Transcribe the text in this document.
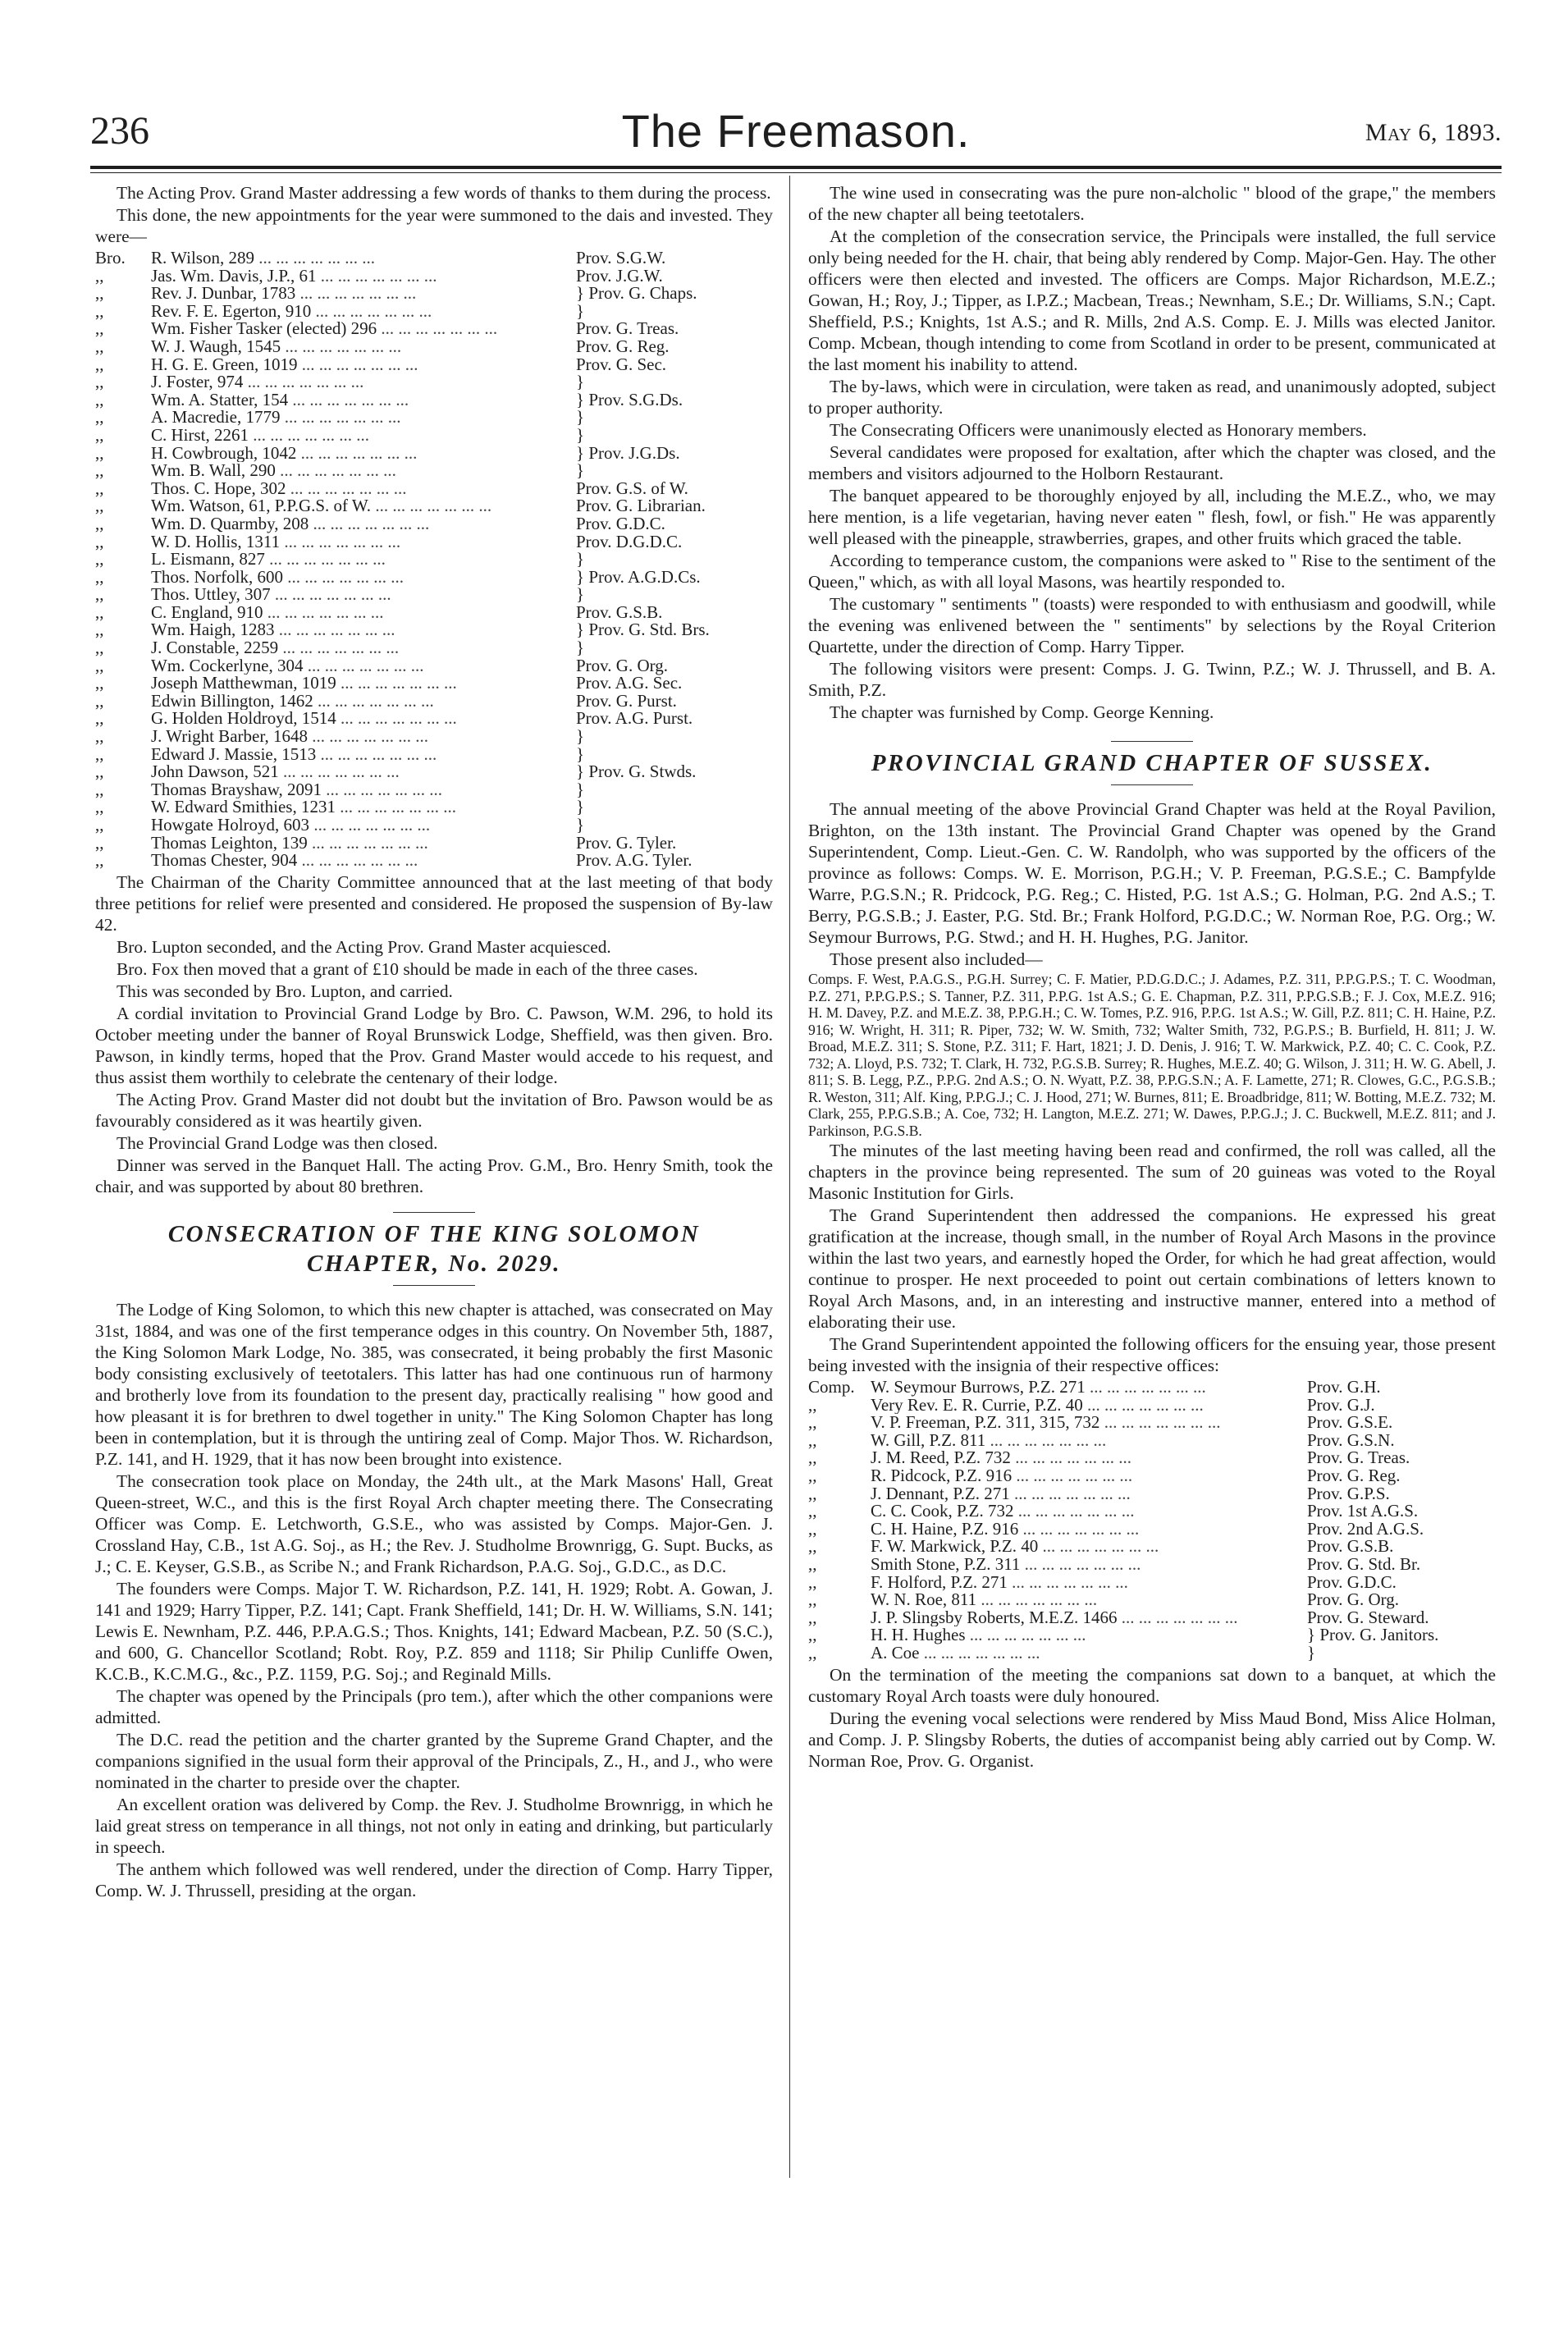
236	The Freemason.	May 6, 1893.

The Acting Prov. Grand Master addressing a few words of thanks to them during the process.

This done, the new appointments for the year were summoned to the dais and invested. They were—

Bro.	R. Wilson, 289 ...	Prov. S.G.W.
,,	Jas. Wm. Davis, J.P., 61 ...	Prov. J.G.W.
,,	Rev. J. Dunbar, 1783 ...	} Prov. G. Chaps.
,,	Rev. F. E. Egerton, 910 ...	}
,,	Wm. Fisher Tasker (elected) 296 ...	Prov. G. Treas.
,,	W. J. Waugh, 1545 ...	Prov. G. Reg.
,,	H. G. E. Green, 1019 ...	Prov. G. Sec.
,,	J. Foster, 974 ...	}
,,	Wm. A. Statter, 154 ...	} Prov. S.G.Ds.
,,	A. Macredie, 1779 ...	}
,,	C. Hirst, 2261 ...	}
,,	H. Cowbrough, 1042 ...	} Prov. J.G.Ds.
,,	Wm. B. Wall, 290 ...	}
,,	Thos. C. Hope, 302 ...	Prov. G.S. of W.
,,	Wm. Watson, 61, P.P.G.S. of W. ...	Prov. G. Librarian.
,,	Wm. D. Quarmby, 208 ...	Prov. G.D.C.
,,	W. D. Hollis, 1311 ...	Prov. D.G.D.C.
,,	L. Eismann, 827 ...	}
,,	Thos. Norfolk, 600 ...	} Prov. A.G.D.Cs.
,,	Thos. Uttley, 307 ...	}
,,	C. England, 910 ...	Prov. G.S.B.
,,	Wm. Haigh, 1283 ...	} Prov. G. Std. Brs.
,,	J. Constable, 2259 ...	}
,,	Wm. Cockerlyne, 304 ...	Prov. G. Org.
,,	Joseph Matthewman, 1019 ...	Prov. A.G. Sec.
,,	Edwin Billington, 1462 ...	Prov. G. Purst.
,,	G. Holden Holdroyd, 1514 ...	Prov. A.G. Purst.
,,	J. Wright Barber, 1648 ...	}
,,	Edward J. Massie, 1513 ...	}
,,	John Dawson, 521 ...	} Prov. G. Stwds.
,,	Thomas Brayshaw, 2091 ...	}
,,	W. Edward Smithies, 1231 ...	}
,,	Howgate Holroyd, 603 ...	}
,,	Thomas Leighton, 139 ...	Prov. G. Tyler.
,,	Thomas Chester, 904 ...	Prov. A.G. Tyler.

The Chairman of the Charity Committee announced that at the last meeting of that body three petitions for relief were presented and considered. He proposed the suspension of By-law 42.

Bro. Lupton seconded, and the Acting Prov. Grand Master acquiesced.

Bro. Fox then moved that a grant of £10 should be made in each of the three cases.

This was seconded by Bro. Lupton, and carried.

A cordial invitation to Provincial Grand Lodge by Bro. C. Pawson, W.M. 296, to hold its October meeting under the banner of Royal Brunswick Lodge, Sheffield, was then given. Bro. Pawson, in kindly terms, hoped that the Prov. Grand Master would accede to his request, and thus assist them worthily to celebrate the centenary of their lodge.

The Acting Prov. Grand Master did not doubt but the invitation of Bro. Pawson would be as favourably considered as it was heartily given.

The Provincial Grand Lodge was then closed.

Dinner was served in the Banquet Hall. The acting Prov. G.M., Bro. Henry Smith, took the chair, and was supported by about 80 brethren.

CONSECRATION OF THE KING SOLOMON
CHAPTER, No. 2029.

The Lodge of King Solomon, to which this new chapter is attached, was consecrated on May 31st, 1884, and was one of the first temperance odges in this country. On November 5th, 1887, the King Solomon Mark Lodge, No. 385, was consecrated, it being probably the first Masonic body consisting exclusively of teetotalers. This latter has had one continuous run of harmony and brotherly love from its foundation to the present day, practically realising " how good and how pleasant it is for brethren to dwel together in unity." The King Solomon Chapter has long been in contemplation, but it is through the untiring zeal of Comp. Major Thos. W. Richardson, P.Z. 141, and H. 1929, that it has now been brought into existence.

The consecration took place on Monday, the 24th ult., at the Mark Masons' Hall, Great Queen-street, W.C., and this is the first Royal Arch chapter meeting there. The Consecrating Officer was Comp. E. Letchworth, G.S.E., who was assisted by Comps. Major-Gen. J. Crossland Hay, C.B., 1st A.G. Soj., as H.; the Rev. J. Studholme Brownrigg, G. Supt. Bucks, as J.; C. E. Keyser, G.S.B., as Scribe N.; and Frank Richardson, P.A.G. Soj., G.D.C., as D.C.

The founders were Comps. Major T. W. Richardson, P.Z. 141, H. 1929; Robt. A. Gowan, J. 141 and 1929; Harry Tipper, P.Z. 141; Capt. Frank Sheffield, 141; Dr. H. W. Williams, S.N. 141; Lewis E. Newnham, P.Z. 446, P.P.A.G.S.; Thos. Knights, 141; Edward Macbean, P.Z. 50 (S.C.), and 600, G. Chancellor Scotland; Robt. Roy, P.Z. 859 and 1118; Sir Philip Cunliffe Owen, K.C.B., K.C.M.G., &c., P.Z. 1159, P.G. Soj.; and Reginald Mills.

The chapter was opened by the Principals (pro tem.), after which the other companions were admitted.

The D.C. read the petition and the charter granted by the Supreme Grand Chapter, and the companions signified in the usual form their approval of the Principals, Z., H., and J., who were nominated in the charter to preside over the chapter.

An excellent oration was delivered by Comp. the Rev. J. Studholme Brownrigg, in which he laid great stress on temperance in all things, not not only in eating and drinking, but particularly in speech.

The anthem which followed was well rendered, under the direction of Comp. Harry Tipper, Comp. W. J. Thrussell, presiding at the organ.

The wine used in consecrating was the pure non-alcholic " blood of the grape," the members of the new chapter all being teetotalers.

At the completion of the consecration service, the Principals were installed, the full service only being needed for the H. chair, that being ably rendered by Comp. Major-Gen. Hay. The other officers were then elected and invested. The officers are Comps. Major Richardson, M.E.Z.; Gowan, H.; Roy, J.; Tipper, as I.P.Z.; Macbean, Treas.; Newnham, S.E.; Dr. Williams, S.N.; Capt. Sheffield, P.S.; Knights, 1st A.S.; and R. Mills, 2nd A.S. Comp. E. J. Mills was elected Janitor. Comp. Mcbean, though intending to come from Scotland in order to be present, communicated at the last moment his inability to attend.

The by-laws, which were in circulation, were taken as read, and unanimously adopted, subject to proper authority.

The Consecrating Officers were unanimously elected as Honorary members.

Several candidates were proposed for exaltation, after which the chapter was closed, and the members and visitors adjourned to the Holborn Restaurant.

The banquet appeared to be thoroughly enjoyed by all, including the M.E.Z., who, we may here mention, is a life vegetarian, having never eaten " flesh, fowl, or fish." He was apparently well pleased with the pineapple, strawberries, grapes, and other fruits which graced the table.

According to temperance custom, the companions were asked to " Rise to the sentiment of the Queen," which, as with all loyal Masons, was heartily responded to.

The customary " sentiments " (toasts) were responded to with enthusiasm and goodwill, while the evening was enlivened between the " sentiments" by selections by the Royal Criterion Quartette, under the direction of Comp. Harry Tipper.

The following visitors were present: Comps. J. G. Twinn, P.Z.; W. J. Thrussell, and B. A. Smith, P.Z.

The chapter was furnished by Comp. George Kenning.

PROVINCIAL GRAND CHAPTER OF SUSSEX.

The annual meeting of the above Provincial Grand Chapter was held at the Royal Pavilion, Brighton, on the 13th instant. The Provincial Grand Chapter was opened by the Grand Superintendent, Comp. Lieut.-Gen. C. W. Randolph, who was supported by the officers of the province as follows: Comps. W. E. Morrison, P.G.H.; V. P. Freeman, P.G.S.E.; C. Bampfylde Warre, P.G.S.N.; R. Pridcock, P.G. Reg.; C. Histed, P.G. 1st A.S.; G. Holman, P.G. 2nd A.S.; T. Berry, P.G.S.B.; J. Easter, P.G. Std. Br.; Frank Holford, P.G.D.C.; W. Norman Roe, P.G. Org.; W. Seymour Burrows, P.G. Stwd.; and H. H. Hughes, P.G. Janitor.

Those present also included—

Comps. F. West, P.A.G.S., P.G.H. Surrey; C. F. Matier, P.D.G.D.C.; J. Adames, P.Z. 311, P.P.G.P.S.; T. C. Woodman, P.Z. 271, P.P.G.P.S.; S. Tanner, P.Z. 311, P.P.G. 1st A.S.; G. E. Chapman, P.Z. 311, P.P.G.S.B.; F. J. Cox, M.E.Z. 916; H. M. Davey, P.Z. and M.E.Z. 38, P.P.G.H.; C. W. Tomes, P.Z. 916, P.P.G. 1st A.S.; W. Gill, P.Z. 811; C. H. Haine, P.Z. 916; W. Wright, H. 311; R. Piper, 732; W. W. Smith, 732; Walter Smith, 732, P.G.P.S.; B. Burfield, H. 811; J. W. Broad, M.E.Z. 311; S. Stone, P.Z. 311; F. Hart, 1821; J. D. Denis, J. 916; T. W. Markwick, P.Z. 40; C. C. Cook, P.Z. 732; A. Lloyd, P.S. 732; T. Clark, H. 732, P.G.S.B. Surrey; R. Hughes, M.E.Z. 40; G. Wilson, J. 311; H. W. G. Abell, J. 811; S. B. Legg, P.Z., P.P.G. 2nd A.S.; O. N. Wyatt, P.Z. 38, P.P.G.S.N.; A. F. Lamette, 271; R. Clowes, G.C., P.G.S.B.; R. Weston, 311; Alf. King, P.P.G.J.; C. J. Hood, 271; W. Burnes, 811; E. Broadbridge, 811; W. Botting, M.E.Z. 732; M. Clark, 255, P.P.G.S.B.; A. Coe, 732; H. Langton, M.E.Z. 271; W. Dawes, P.P.G.J.; J. C. Buckwell, M.E.Z. 811; and J. Parkinson, P.G.S.B.

The minutes of the last meeting having been read and confirmed, the roll was called, all the chapters in the province being represented. The sum of 20 guineas was voted to the Royal Masonic Institution for Girls.

The Grand Superintendent then addressed the companions. He expressed his great gratification at the increase, though small, in the number of Royal Arch Masons in the province within the last two years, and earnestly hoped the Order, for which he had great affection, would continue to prosper. He next proceeded to point out certain combinations of letters known to Royal Arch Masons, and, in an interesting and instructive manner, entered into a method of elaborating their use.

The Grand Superintendent appointed the following officers for the ensuing year, those present being invested with the insignia of their respective offices:

Comp. W. Seymour Burrows, P.Z. 271 ...	Prov. G.H.
,,	Very Rev. E. R. Currie, P.Z. 40 ...	Prov. G.J.
,,	V. P. Freeman, P.Z. 311, 315, 732 ...	Prov. G.S.E.
,,	W. Gill, P.Z. 811 ...	Prov. G.S.N.
,,	J. M. Reed, P.Z. 732 ...	Prov. G. Treas.
,,	R. Pidcock, P.Z. 916 ...	Prov. G. Reg.
,,	J. Dennant, P.Z. 271 ...	Prov. G.P.S.
,,	C. C. Cook, P.Z. 732 ...	Prov. 1st A.G.S.
,,	C. H. Haine, P.Z. 916 ...	Prov. 2nd A.G.S.
,,	F. W. Markwick, P.Z. 40 ...	Prov. G.S.B.
,,	Smith Stone, P.Z. 311 ...	Prov. G. Std. Br.
,,	F. Holford, P.Z. 271 ...	Prov. G.D.C.
,,	W. N. Roe, 811 ...	Prov. G. Org.
,,	J. P. Slingsby Roberts, M.E.Z. 1466 ...	Prov. G. Steward.
,,	H. H. Hughes ...	} Prov. G. Janitors.
,,	A. Coe ...	}

On the termination of the meeting the companions sat down to a banquet, at which the customary Royal Arch toasts were duly honoured.

During the evening vocal selections were rendered by Miss Maud Bond, Miss Alice Holman, and Comp. J. P. Slingsby Roberts, the duties of accompanist being ably carried out by Comp. W. Norman Roe, Prov. G. Organist.
